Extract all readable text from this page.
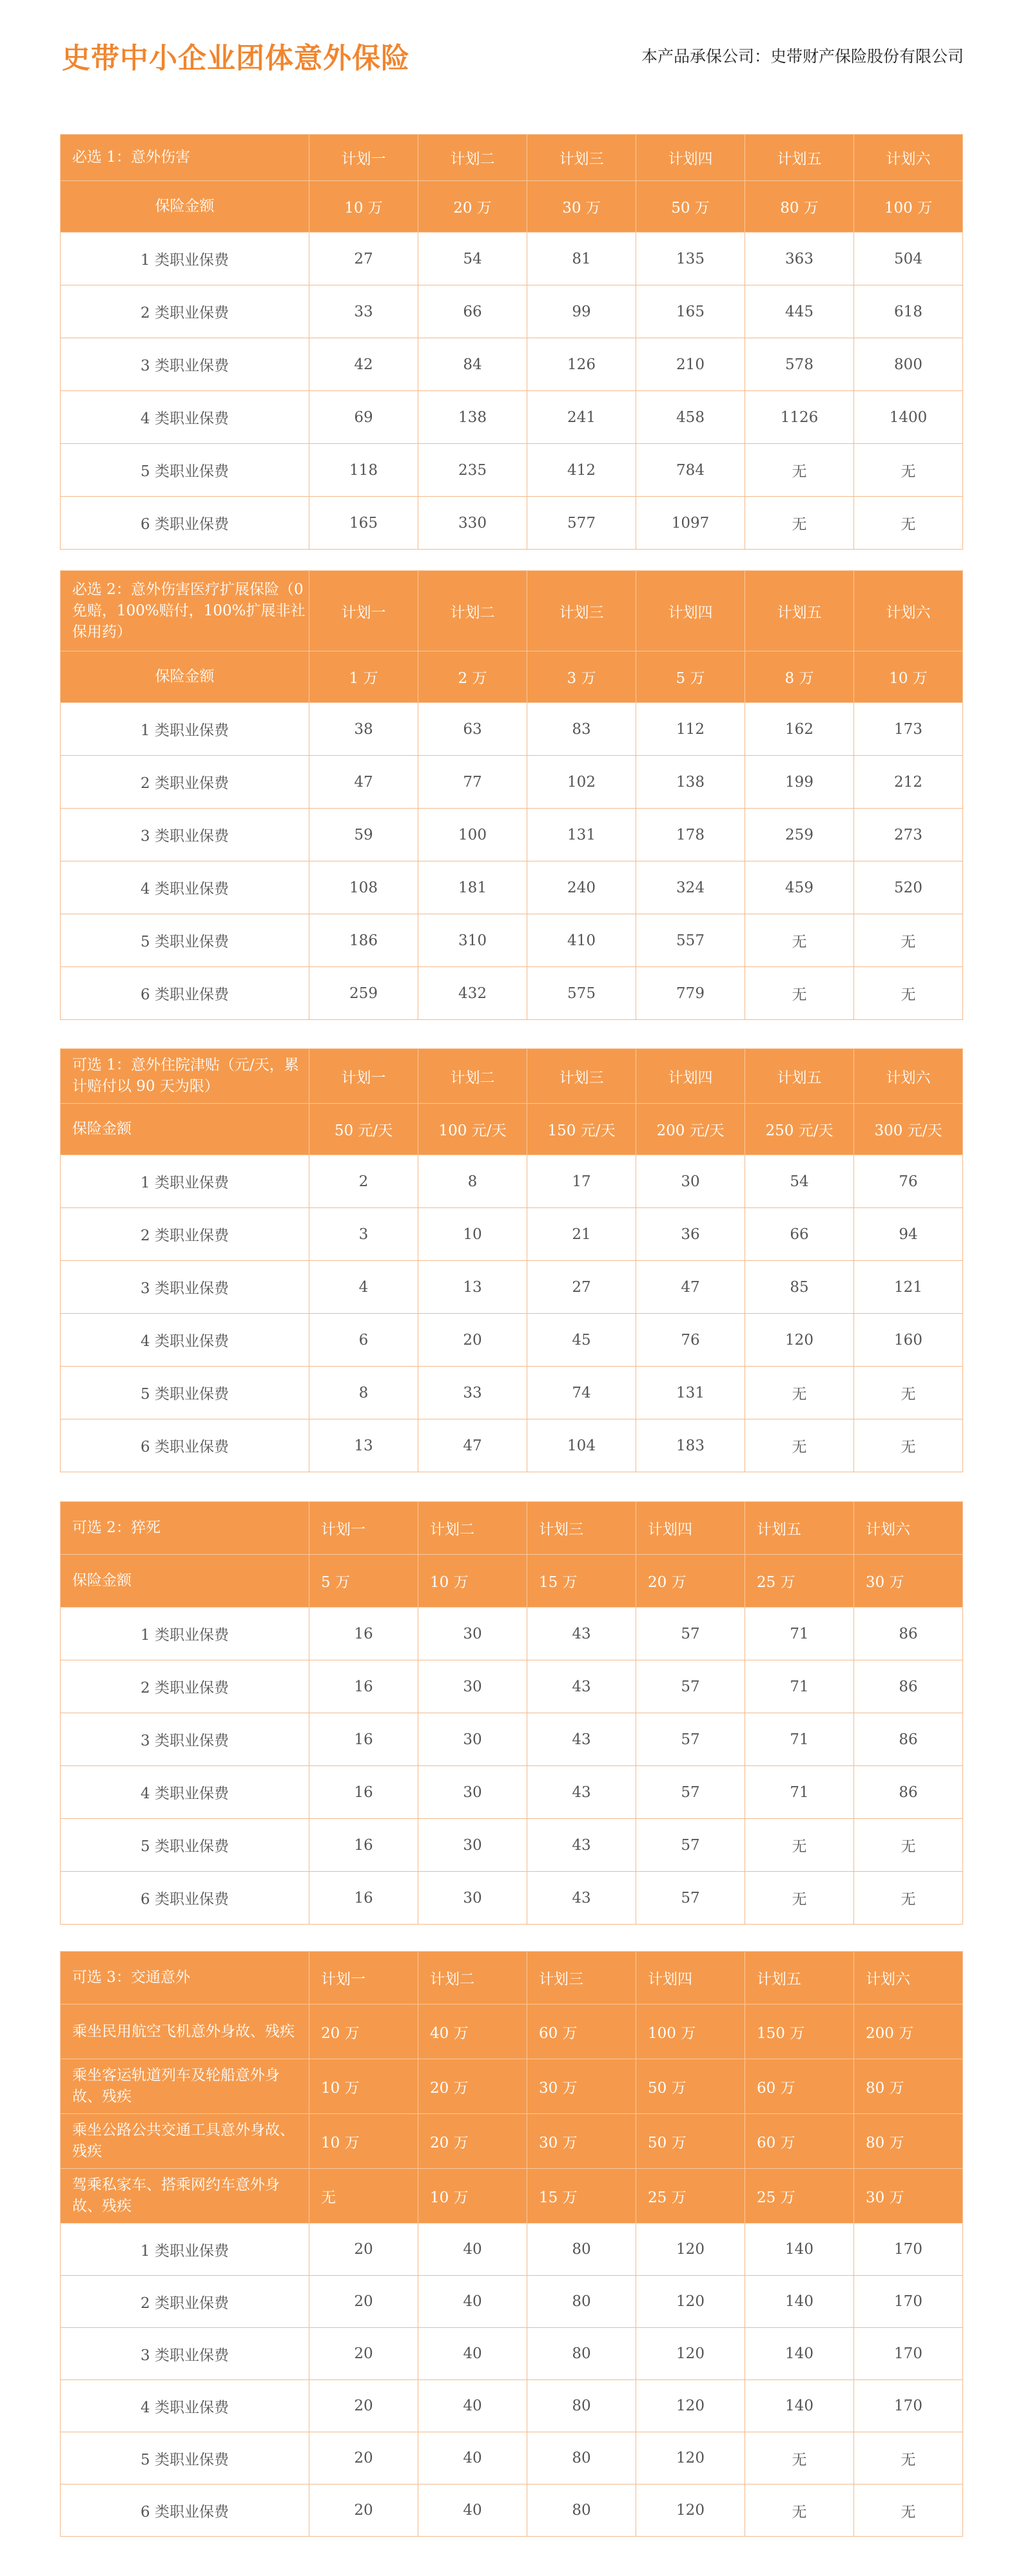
史带中小企业团体意外保险	本产品承保公司：史带财产保险股份有限公司
必选 1：意外伤害	计划一	计划二	计划三	计划四	计划五	计划六
保险金额	10 万	20 万	30 万	50 万	80 万	100 万
1 类职业保费	27	54	81	135	363	504
2 类职业保费	33	66	99	165	445	618
3 类职业保费	42	84	126	210	578	800
4 类职业保费	69	138	241	458	1126	1400
5 类职业保费	118	235	412	784	无	无
6 类职业保费	165	330	577	1097	无	无
必选 2：意外伤害医疗扩展保险（0 免赔，100%赔付，100%扩展非社保用药）	计划一	计划二	计划三	计划四	计划五	计划六
保险金额	1 万	2 万	3 万	5 万	8 万	10 万
1 类职业保费	38	63	83	112	162	173
2 类职业保费	47	77	102	138	199	212
3 类职业保费	59	100	131	178	259	273
4 类职业保费	108	181	240	324	459	520
5 类职业保费	186	310	410	557	无	无
6 类职业保费	259	432	575	779	无	无
可选 1：意外住院津贴（元/天，累计赔付以 90 天为限）	计划一	计划二	计划三	计划四	计划五	计划六
保险金额	50 元/天	100 元/天	150 元/天	200 元/天	250 元/天	300 元/天
1 类职业保费	2	8	17	30	54	76
2 类职业保费	3	10	21	36	66	94
3 类职业保费	4	13	27	47	85	121
4 类职业保费	6	20	45	76	120	160
5 类职业保费	8	33	74	131	无	无
6 类职业保费	13	47	104	183	无	无
可选 2：猝死	计划一	计划二	计划三	计划四	计划五	计划六
保险金额	5 万	10 万	15 万	20 万	25 万	30 万
1 类职业保费	16	30	43	57	71	86
2 类职业保费	16	30	43	57	71	86
3 类职业保费	16	30	43	57	71	86
4 类职业保费	16	30	43	57	71	86
5 类职业保费	16	30	43	57	无	无
6 类职业保费	16	30	43	57	无	无
可选 3：交通意外	计划一	计划二	计划三	计划四	计划五	计划六
乘坐民用航空飞机意外身故、残疾	20 万	40 万	60 万	100 万	150 万	200 万
乘坐客运轨道列车及轮船意外身故、残疾	10 万	20 万	30 万	50 万	60 万	80 万
乘坐公路公共交通工具意外身故、残疾	10 万	20 万	30 万	50 万	60 万	80 万
驾乘私家车、搭乘网约车意外身故、残疾	无	10 万	15 万	25 万	25 万	30 万
1 类职业保费	20	40	80	120	140	170
2 类职业保费	20	40	80	120	140	170
3 类职业保费	20	40	80	120	140	170
4 类职业保费	20	40	80	120	140	170
5 类职业保费	20	40	80	120	无	无
6 类职业保费	20	40	80	120	无	无
